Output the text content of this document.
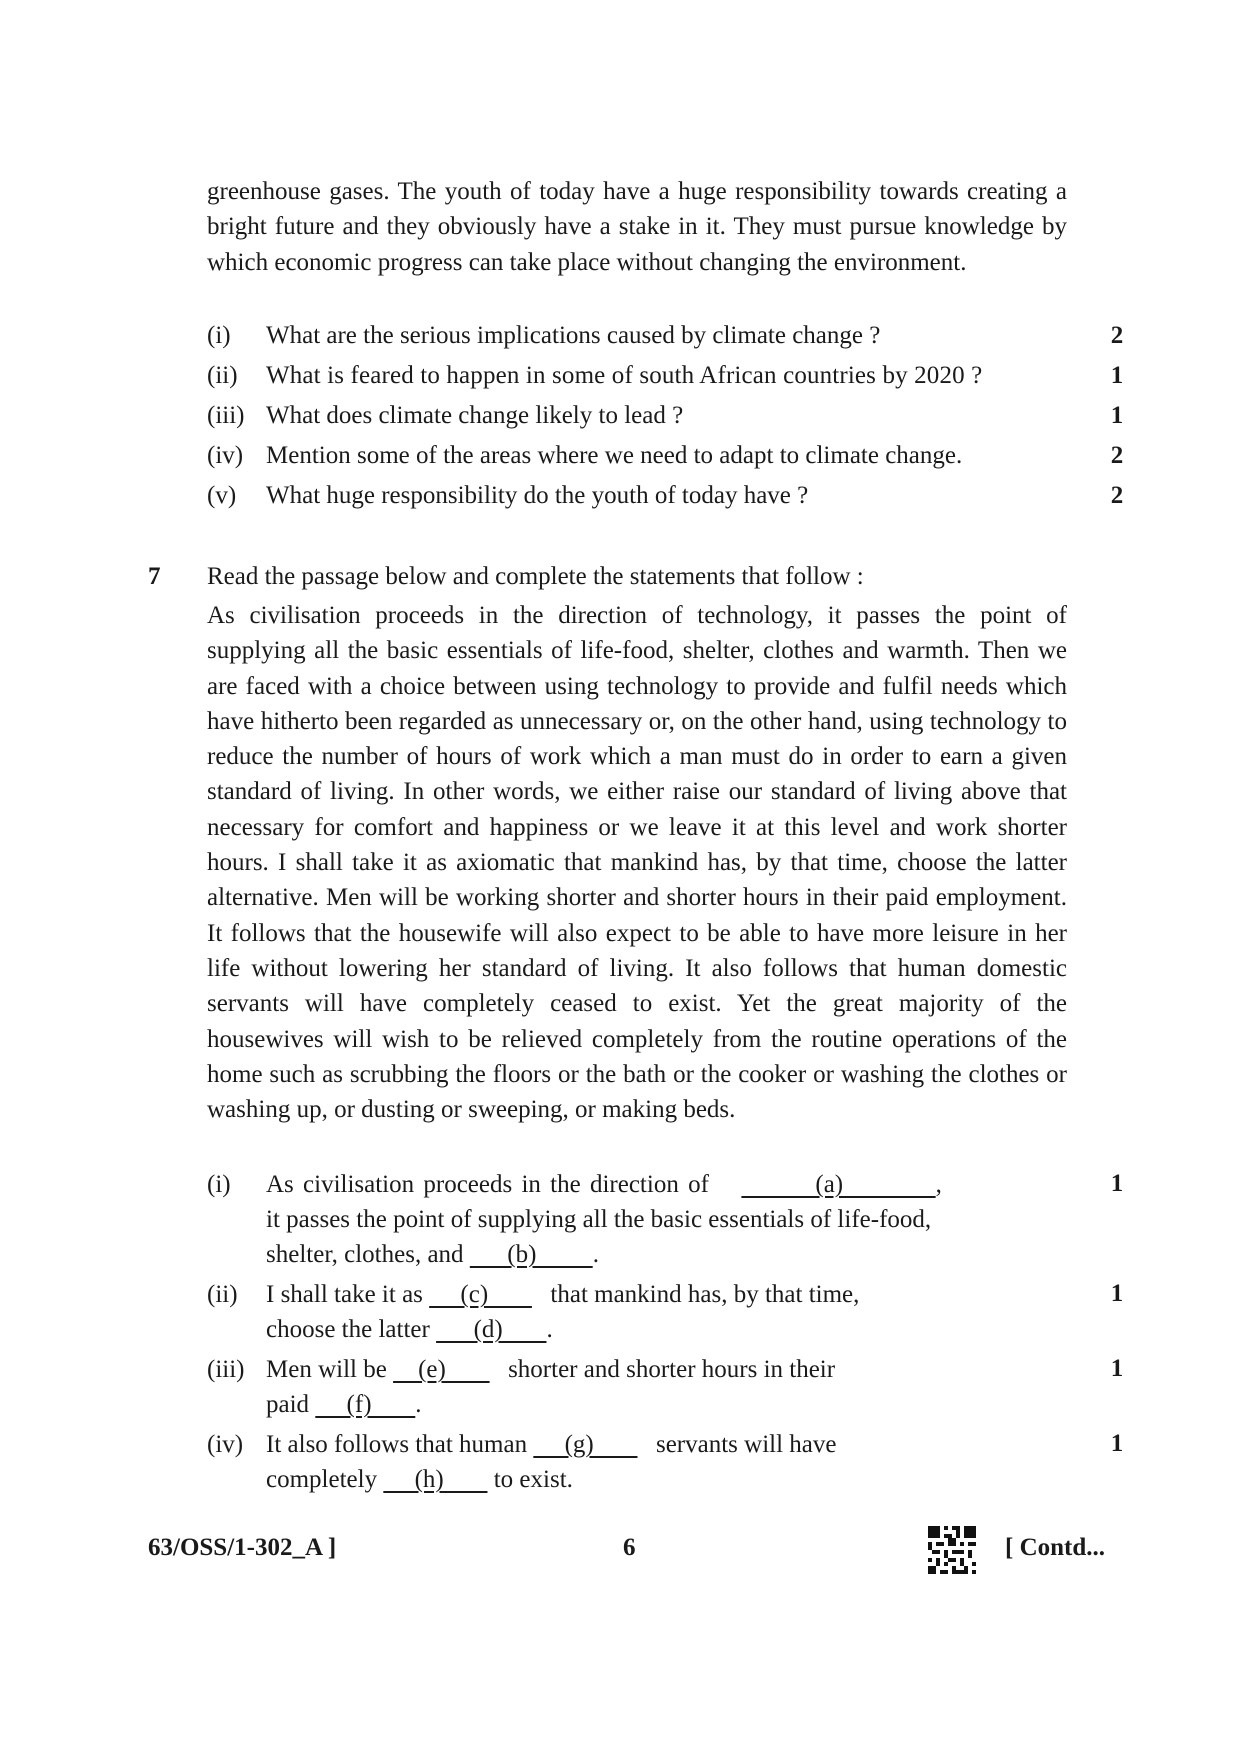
greenhouse gases. The youth of today have a huge responsibility towards creating a bright future and they obviously have a stake in it. They must pursue knowledge by which economic progress can take place without changing the environment.
(i) What are the serious implications caused by climate change ?	2
(ii) What is feared to happen in some of south African countries by 2020 ?	1
(iii) What does climate change likely to lead ?	1
(iv) Mention some of the areas where we need to adapt to climate change.	2
(v) What huge responsibility do the youth of today have ?	2
7 Read the passage below and complete the statements that follow :
As civilisation proceeds in the direction of technology, it passes the point of supplying all the basic essentials of life-food, shelter, clothes and warmth. Then we are faced with a choice between using technology to provide and fulfil needs which have hitherto been regarded as unnecessary or, on the other hand, using technology to reduce the number of hours of work which a man must do in order to earn a given standard of living. In other words, we either raise our standard of living above that necessary for comfort and happiness or we leave it at this level and work shorter hours. I shall take it as axiomatic that mankind has, by that time, choose the latter alternative. Men will be working shorter and shorter hours in their paid employment. It follows that the housewife will also expect to be able to have more leisure in her life without lowering her standard of living. It also follows that human domestic servants will have completely ceased to exist. Yet the great majority of the housewives will wish to be relieved completely from the routine operations of the home such as scrubbing the floors or the bath or the cooker or washing the clothes or washing up, or dusting or sweeping, or making beds.
(i) As civilisation proceeds in the direction of          (a)          ,
it passes the point of supplying all the basic essentials of life-food,
shelter, clothes, and       (b)         .
1
(ii) I shall take it as      (c)         that mankind has, by that time,
choose the latter       (d)       .
1
(iii) Men will be     (e)         shorter and shorter hours in their
paid      (f)       .
1
(iv) It also follows that human      (g)         servants will have
completely      (h)        to exist.
1
63/OSS/1-302_A ]	6	[ Contd...
